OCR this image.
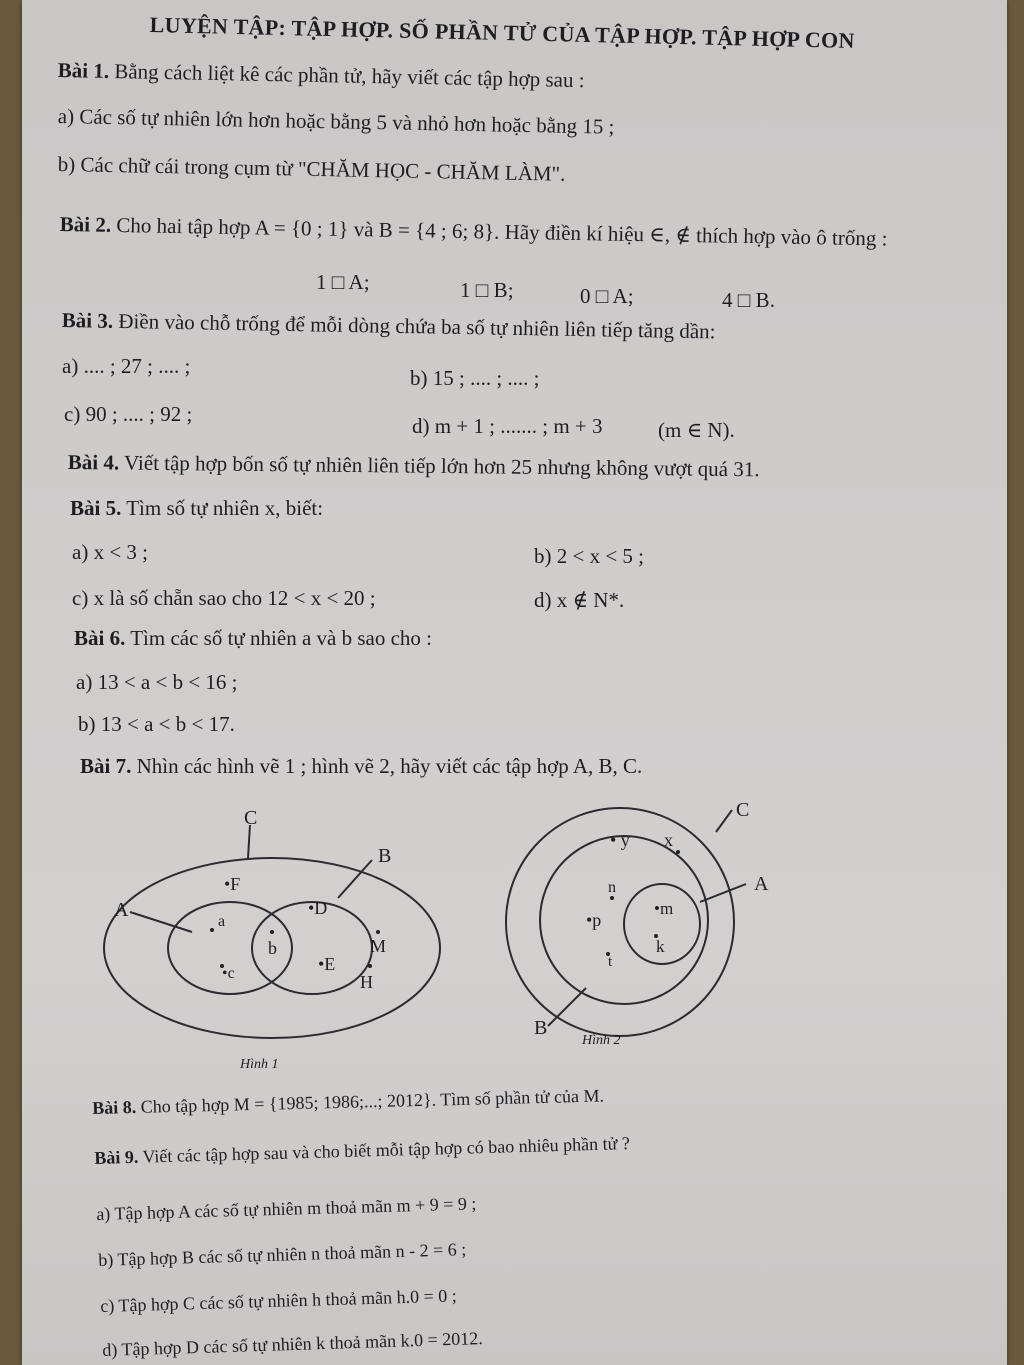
LUYỆN TẬP: TẬP HỢP. SỐ PHẦN TỬ CỦA TẬP HỢP. TẬP HỢP CON
Bài 1. Bằng cách liệt kê các phần tử, hãy viết các tập hợp sau :
a) Các số tự nhiên lớn hơn hoặc bằng 5 và nhỏ hơn hoặc bằng 15 ;
b) Các chữ cái trong cụm từ "CHĂM HỌC - CHĂM LÀM".
Bài 2. Cho hai tập hợp A = {0 ; 1} và B = {4 ; 6; 8}. Hãy điền kí hiệu ∈, ∉ thích hợp vào ô trống :
1 □ A;	1 □ B;	0 □ A;	4 □ B.
Bài 3. Điền vào chỗ trống để mỗi dòng chứa ba số tự nhiên liên tiếp tăng dần:
a) .... ; 27 ; .... ;	b) 15 ; .... ; .... ;
c) 90 ; .... ; 92 ;	d) m + 1 ; ....... ; m + 3	(m ∈ N).
Bài 4. Viết tập hợp bốn số tự nhiên liên tiếp lớn hơn 25 nhưng không vượt quá 31.
Bài 5. Tìm số tự nhiên x, biết:
a) x < 3 ;	b) 2 < x < 5 ;
c) x là số chẵn sao cho 12 < x < 20 ;	d) x ∉ N*.
Bài 6. Tìm các số tự nhiên a và b sao cho :
a) 13 < a < b < 16 ;
b) 13 < a < b < 17.
Bài 7. Nhìn các hình vẽ 1 ; hình vẽ 2, hãy viết các tập hợp A, B, C.
C
B
A
•F
a
•c
b
•D
•E
M
H
Hình 1
C
A
B
• y x
n
•p
t
•m
k
Hình 2
Bài 8. Cho tập hợp M = {1985; 1986;...; 2012}. Tìm số phần tử của M.
Bài 9. Viết các tập hợp sau và cho biết mỗi tập hợp có bao nhiêu phần tử ?
a) Tập hợp A các số tự nhiên m thoả mãn m + 9 = 9 ;
b) Tập hợp B các số tự nhiên n thoả mãn n - 2 = 6 ;
c) Tập hợp C các số tự nhiên h thoả mãn h.0 = 0 ;
d) Tập hợp D các số tự nhiên k thoả mãn k.0 = 2012.
